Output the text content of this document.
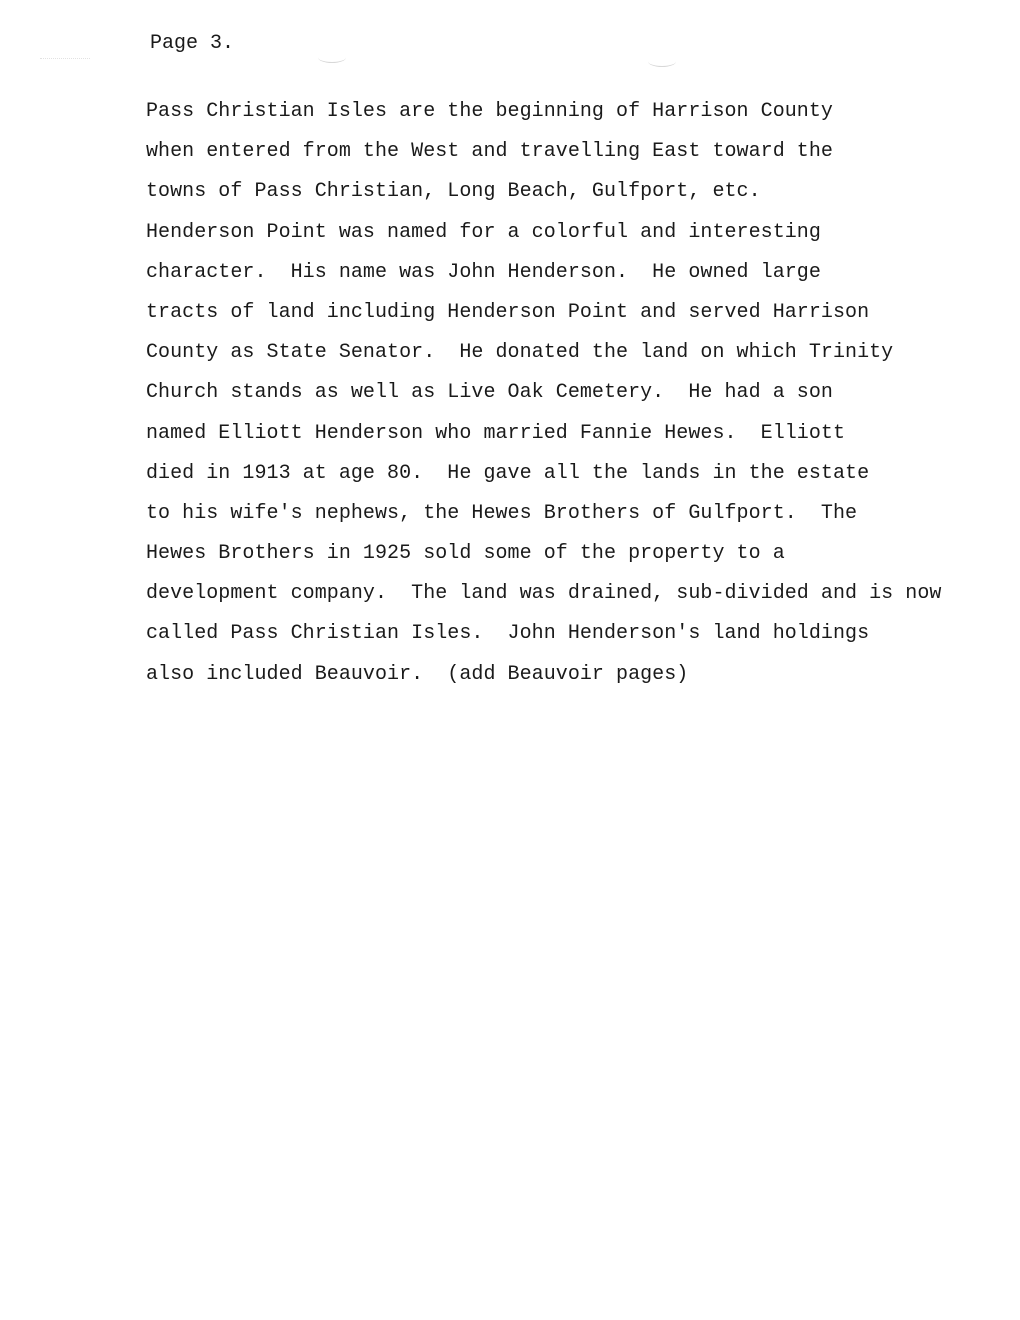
Page 3.
Pass Christian Isles are the beginning of Harrison County
when entered from the West and travelling East toward the
towns of Pass Christian, Long Beach, Gulfport, etc.
Henderson Point was named for a colorful and interesting
character.  His name was John Henderson.  He owned large
tracts of land including Henderson Point and served Harrison
County as State Senator.  He donated the land on which Trinity
Church stands as well as Live Oak Cemetery.  He had a son
named Elliott Henderson who married Fannie Hewes.  Elliott
died in 1913 at age 80.  He gave all the lands in the estate
to his wife's nephews, the Hewes Brothers of Gulfport.  The
Hewes Brothers in 1925 sold some of the property to a
development company.  The land was drained, sub-divided and is now
called Pass Christian Isles.  John Henderson's land holdings
also included Beauvoir.  (add Beauvoir pages)
